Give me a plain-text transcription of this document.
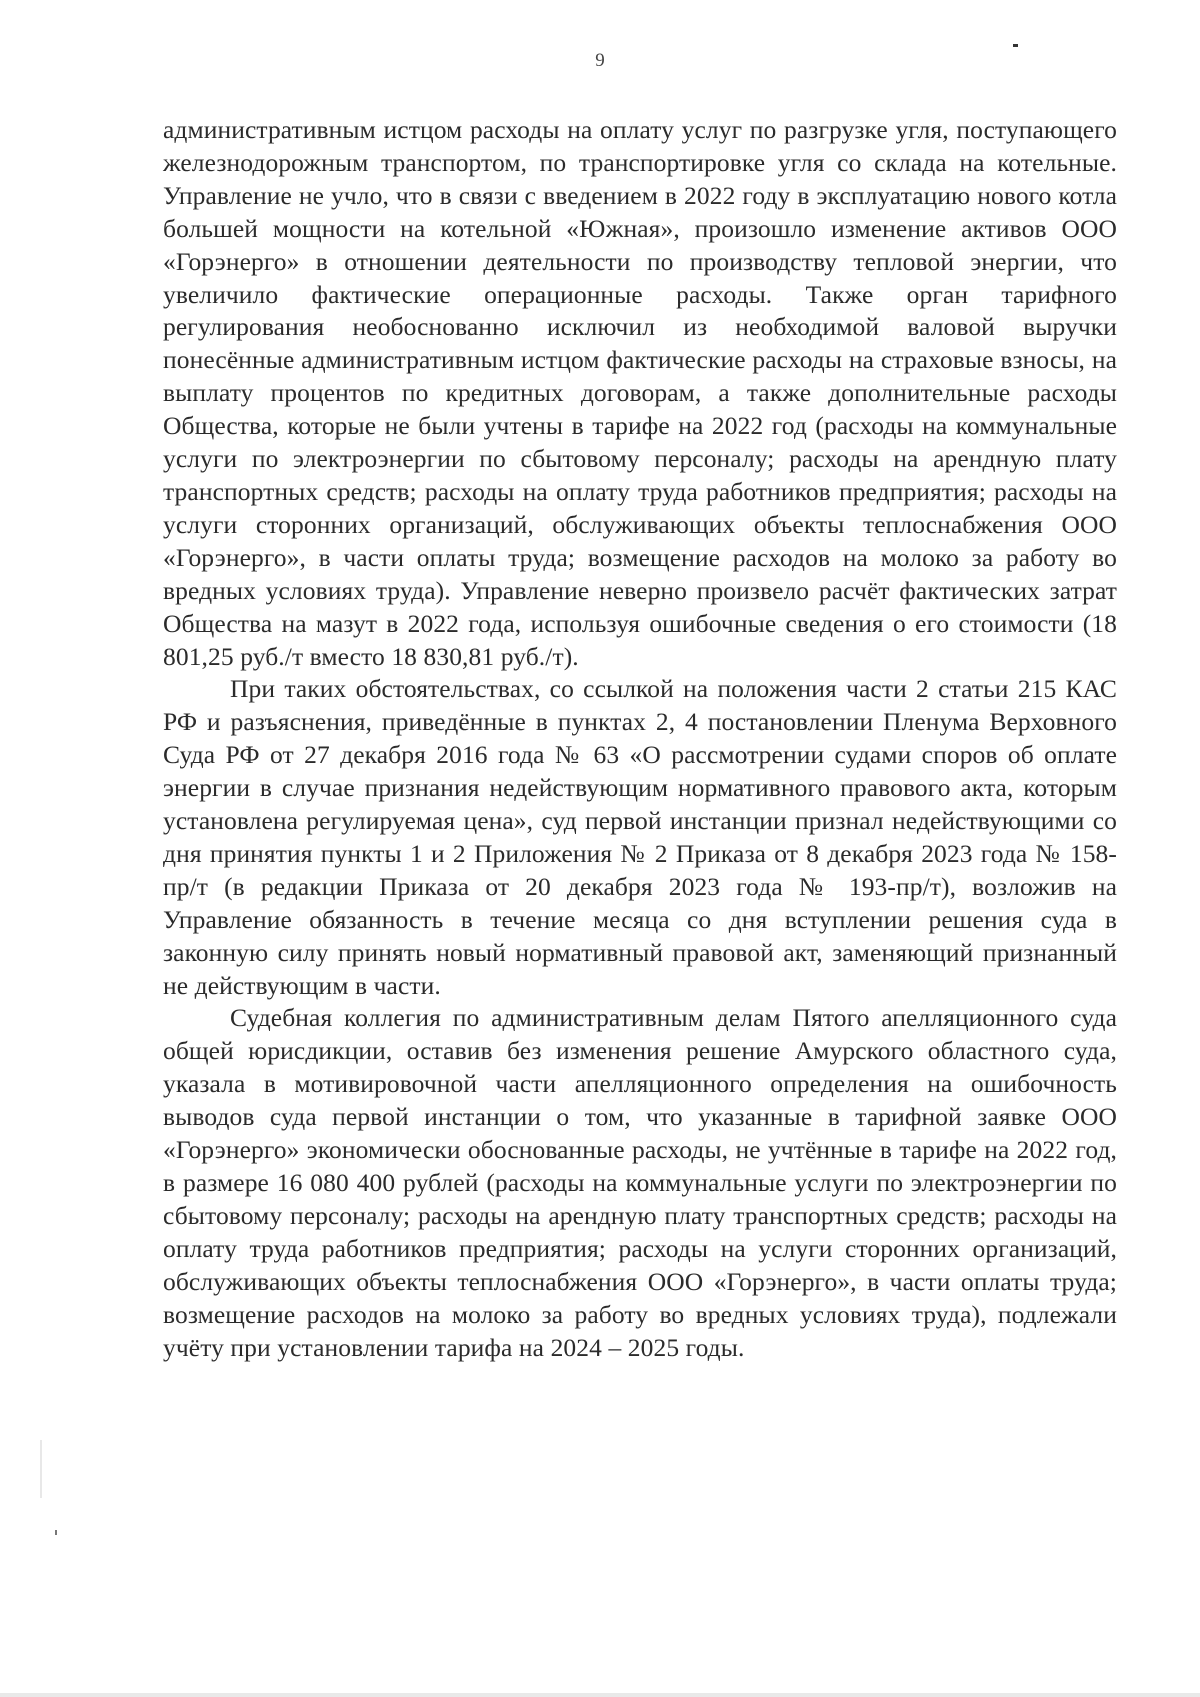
9

административным истцом расходы на оплату услуг по разгрузке угля, поступающего железнодорожным транспортом, по транспортировке угля со склада на котельные. Управление не учло, что в связи с введением в 2022 году в эксплуатацию нового котла большей мощности на котельной «Южная», произошло изменение активов ООО «Горэнерго» в отношении деятельности по производству тепловой энергии, что увеличило фактические операционные расходы. Также орган тарифного регулирования необоснованно исключил из необходимой валовой выручки понесённые административным истцом фактические расходы на страховые взносы, на выплату процентов по кредитных договорам, а также дополнительные расходы Общества, которые не были учтены в тарифе на 2022 год (расходы на коммунальные услуги по электроэнергии по сбытовому персоналу; расходы на арендную плату транспортных средств; расходы на оплату труда работников предприятия; расходы на услуги сторонних организаций, обслуживающих объекты теплоснабжения ООО «Горэнерго», в части оплаты труда; возмещение расходов на молоко за работу во вредных условиях труда). Управление неверно произвело расчёт фактических затрат Общества на мазут в 2022 года, используя ошибочные сведения о его стоимости (18 801,25 руб./т вместо 18 830,81 руб./т).

При таких обстоятельствах, со ссылкой на положения части 2 статьи 215 КАС РФ и разъяснения, приведённые в пунктах 2, 4 постановлении Пленума Верховного Суда РФ от 27 декабря 2016 года № 63 «О рассмотрении судами споров об оплате энергии в случае признания недействующим нормативного правового акта, которым установлена регулируемая цена», суд первой инстанции признал недействующими со дня принятия пункты 1 и 2 Приложения № 2 Приказа от 8 декабря 2023 года № 158-пр/т (в редакции Приказа от 20 декабря 2023 года № 193-пр/т), возложив на Управление обязанность в течение месяца со дня вступлении решения суда в законную силу принять новый нормативный правовой акт, заменяющий признанный не действующим в части.

Судебная коллегия по административным делам Пятого апелляционного суда общей юрисдикции, оставив без изменения решение Амурского областного суда, указала в мотивировочной части апелляционного определения на ошибочность выводов суда первой инстанции о том, что указанные в тарифной заявке ООО «Горэнерго» экономически обоснованные расходы, не учтённые в тарифе на 2022 год, в размере 16 080 400 рублей (расходы на коммунальные услуги по электроэнергии по сбытовому персоналу; расходы на арендную плату транспортных средств; расходы на оплату труда работников предприятия; расходы на услуги сторонних организаций, обслуживающих объекты теплоснабжения ООО «Горэнерго», в части оплаты труда; возмещение расходов на молоко за работу во вредных условиях труда), подлежали учёту при установлении тарифа на 2024 – 2025 годы.
